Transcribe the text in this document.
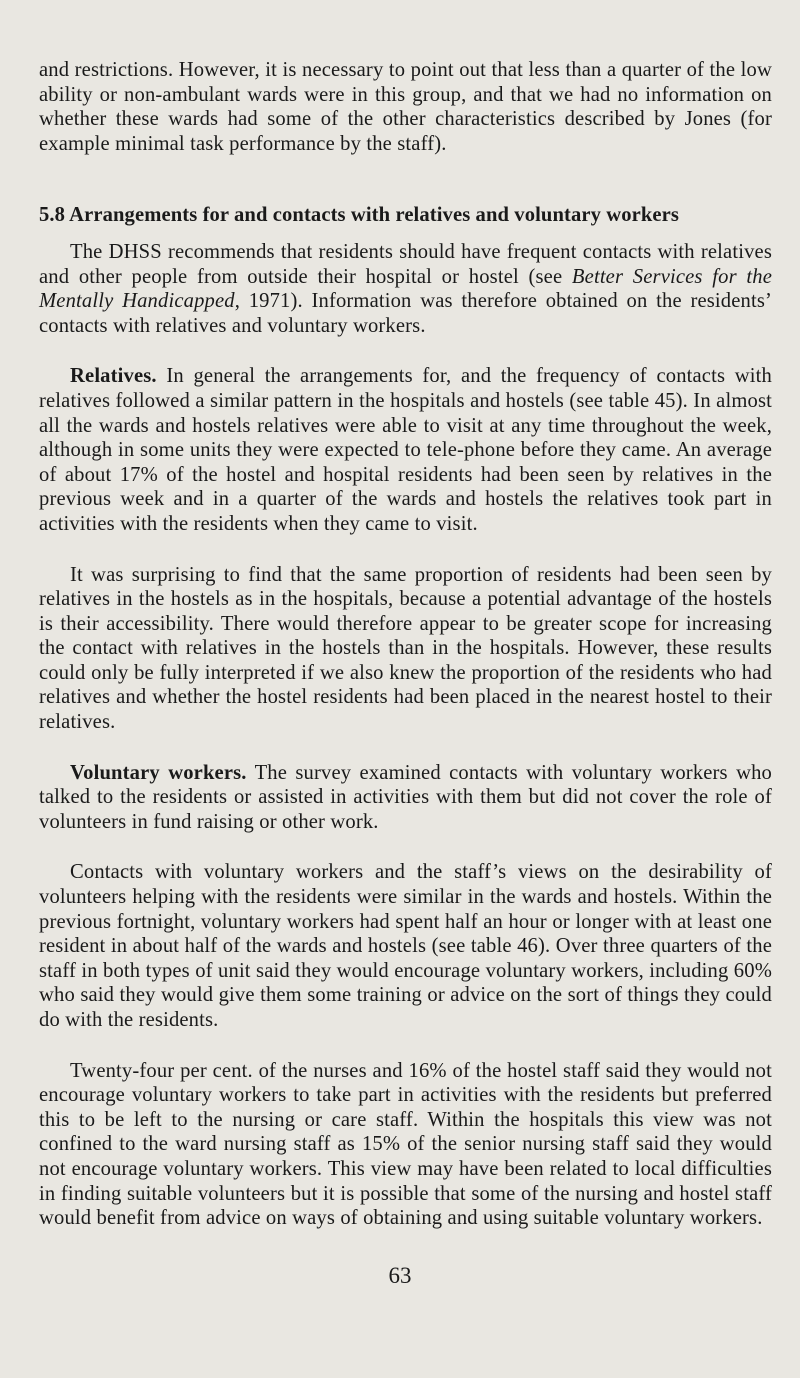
and restrictions. However, it is necessary to point out that less than a quarter of the low ability or non-ambulant wards were in this group, and that we had no information on whether these wards had some of the other characteristics described by Jones (for example minimal task performance by the staff).

5.8 Arrangements for and contacts with relatives and voluntary workers

The DHSS recommends that residents should have frequent contacts with relatives and other people from outside their hospital or hostel (see Better Services for the Mentally Handicapped, 1971). Information was therefore obtained on the residents’ contacts with relatives and voluntary workers.

Relatives. In general the arrangements for, and the frequency of contacts with relatives followed a similar pattern in the hospitals and hostels (see table 45). In almost all the wards and hostels relatives were able to visit at any time throughout the week, although in some units they were expected to tele-phone before they came. An average of about 17% of the hostel and hospital residents had been seen by relatives in the previous week and in a quarter of the wards and hostels the relatives took part in activities with the residents when they came to visit.

It was surprising to find that the same proportion of residents had been seen by relatives in the hostels as in the hospitals, because a potential advantage of the hostels is their accessibility. There would therefore appear to be greater scope for increasing the contact with relatives in the hostels than in the hospitals. However, these results could only be fully interpreted if we also knew the proportion of the residents who had relatives and whether the hostel residents had been placed in the nearest hostel to their relatives.

Voluntary workers. The survey examined contacts with voluntary workers who talked to the residents or assisted in activities with them but did not cover the role of volunteers in fund raising or other work.

Contacts with voluntary workers and the staff’s views on the desirability of volunteers helping with the residents were similar in the wards and hostels. Within the previous fortnight, voluntary workers had spent half an hour or longer with at least one resident in about half of the wards and hostels (see table 46). Over three quarters of the staff in both types of unit said they would encourage voluntary workers, including 60% who said they would give them some training or advice on the sort of things they could do with the residents.

Twenty-four per cent. of the nurses and 16% of the hostel staff said they would not encourage voluntary workers to take part in activities with the residents but preferred this to be left to the nursing or care staff. Within the hospitals this view was not confined to the ward nursing staff as 15% of the senior nursing staff said they would not encourage voluntary workers. This view may have been related to local difficulties in finding suitable volunteers but it is possible that some of the nursing and hostel staff would benefit from advice on ways of obtaining and using suitable voluntary workers.

63
